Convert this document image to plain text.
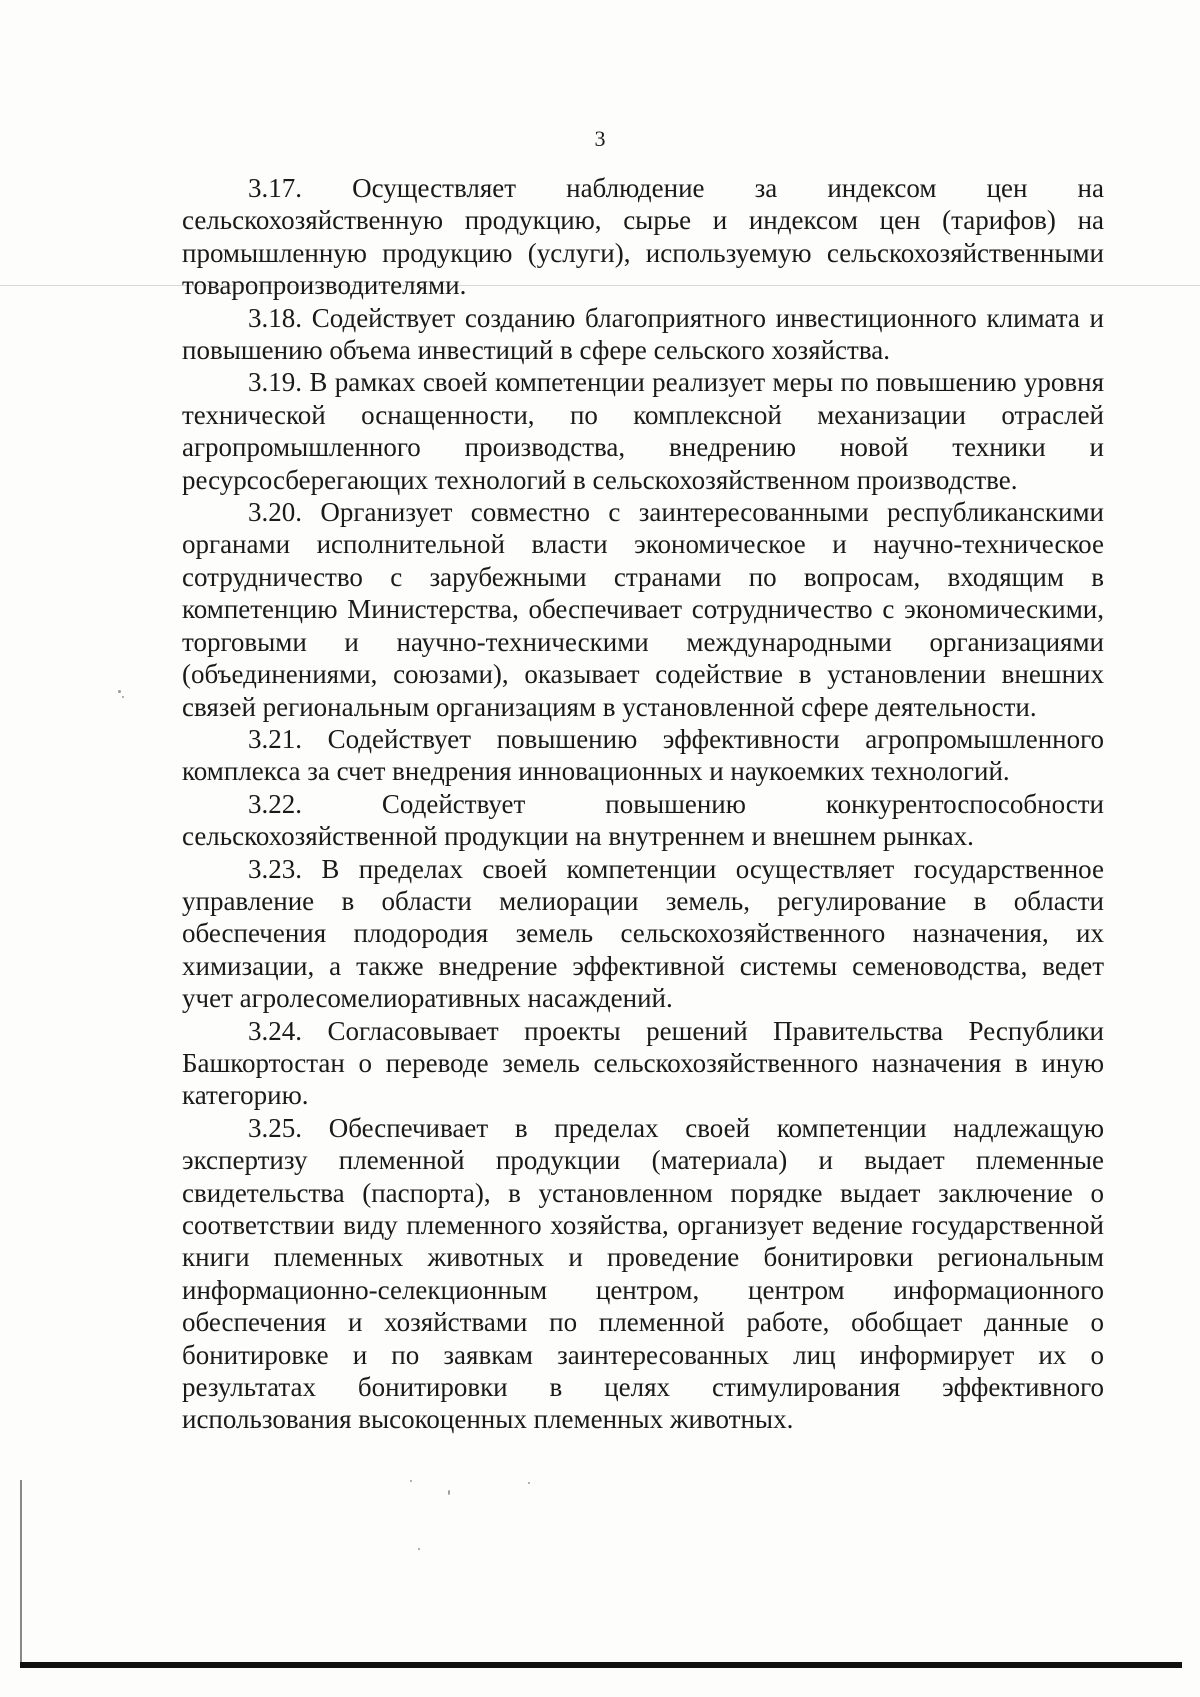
3

3.17. Осуществляет наблюдение за индексом цен на сельскохозяйственную продукцию, сырье и индексом цен (тарифов) на промышленную продукцию (услуги), используемую сельскохозяйственными товаропроизводителями.

3.18. Содействует созданию благоприятного инвестиционного климата и повышению объема инвестиций в сфере сельского хозяйства.

3.19. В рамках своей компетенции реализует меры по повышению уровня технической оснащенности, по комплексной механизации отраслей агропромышленного производства, внедрению новой техники и ресурсосберегающих технологий в сельскохозяйственном производстве.

3.20. Организует совместно с заинтересованными республиканскими органами исполнительной власти экономическое и научно-техническое сотрудничество с зарубежными странами по вопросам, входящим в компетенцию Министерства, обеспечивает сотрудничество с экономическими, торговыми и научно-техническими международными организациями (объединениями, союзами), оказывает содействие в установлении внешних связей региональным организациям в установленной сфере деятельности.

3.21. Содействует повышению эффективности агропромышленного комплекса за счет внедрения инновационных и наукоемких технологий.

3.22. Содействует повышению конкурентоспособности сельскохозяйственной продукции на внутреннем и внешнем рынках.

3.23. В пределах своей компетенции осуществляет государственное управление в области мелиорации земель, регулирование в области обеспечения плодородия земель сельскохозяйственного назначения, их химизации, а также внедрение эффективной системы семеноводства, ведет учет агролесомелиоративных насаждений.

3.24. Согласовывает проекты решений Правительства Республики Башкортостан о переводе земель сельскохозяйственного назначения в иную категорию.

3.25. Обеспечивает в пределах своей компетенции надлежащую экспертизу племенной продукции (материала) и выдает племенные свидетельства (паспорта), в установленном порядке выдает заключение о соответствии виду племенного хозяйства, организует ведение государственной книги племенных животных и проведение бонитировки региональным информационно-селекционным центром, центром информационного обеспечения и хозяйствами по племенной работе, обобщает данные о бонитировке и по заявкам заинтересованных лиц информирует их о результатах бонитировки в целях стимулирования эффективного использования высокоценных племенных животных.
